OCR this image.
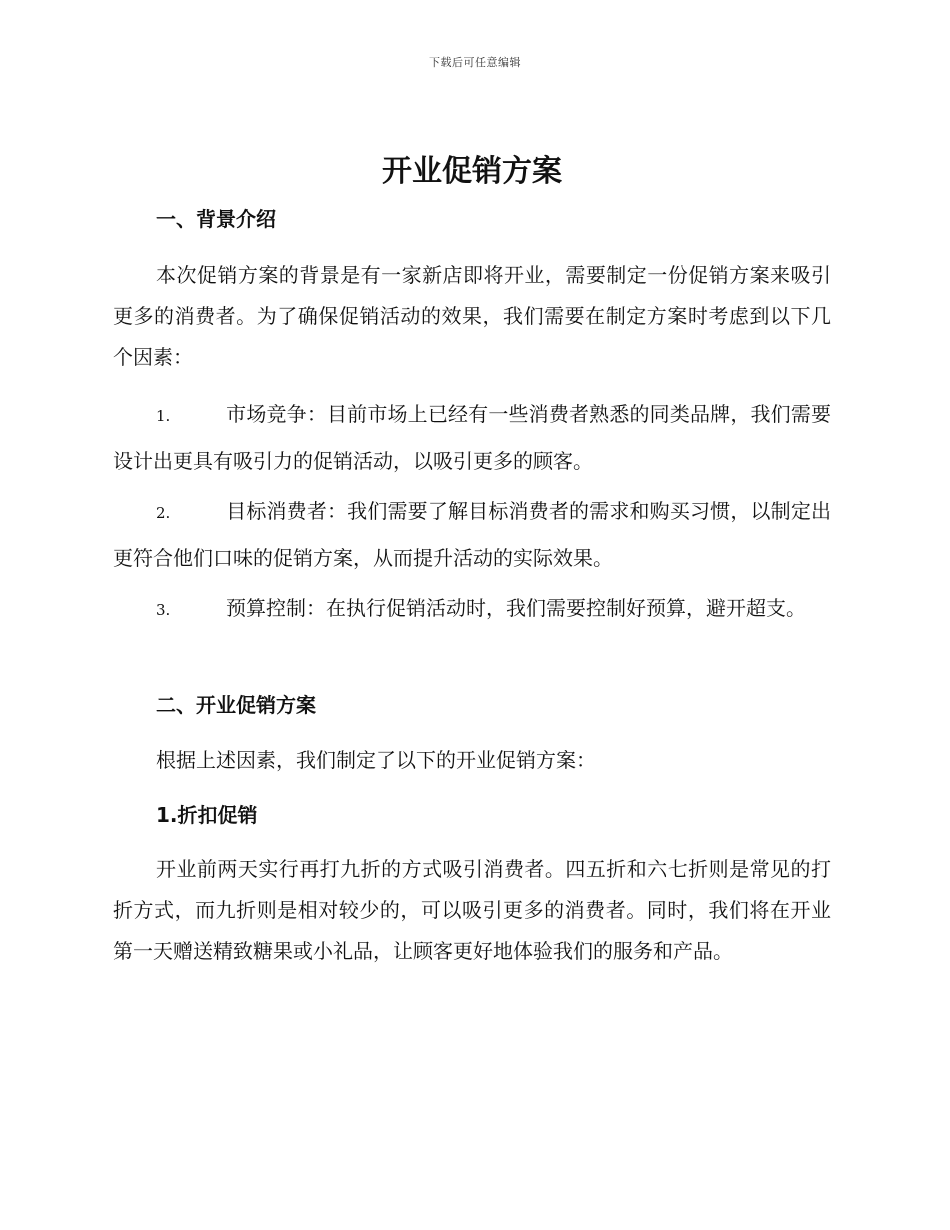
下载后可任意编辑
开业促销方案
一、背景介绍

本次促销方案的背景是有一家新店即将开业，需要制定一份促销方案来吸引更多的消费者。为了确保促销活动的效果，我们需要在制定方案时考虑到以下几个因素：

1.	市场竞争：目前市场上已经有一些消费者熟悉的同类品牌，我们需要设计出更具有吸引力的促销活动，以吸引更多的顾客。

2.	目标消费者：我们需要了解目标消费者的需求和购买习惯，以制定出更符合他们口味的促销方案，从而提升活动的实际效果。

3.	预算控制：在执行促销活动时，我们需要控制好预算，避开超支。

二、开业促销方案

根据上述因素，我们制定了以下的开业促销方案：

1.折扣促销

开业前两天实行再打九折的方式吸引消费者。四五折和六七折则是常见的打折方式，而九折则是相对较少的，可以吸引更多的消费者。同时，我们将在开业第一天赠送精致糖果或小礼品，让顾客更好地体验我们的服务和产品。
